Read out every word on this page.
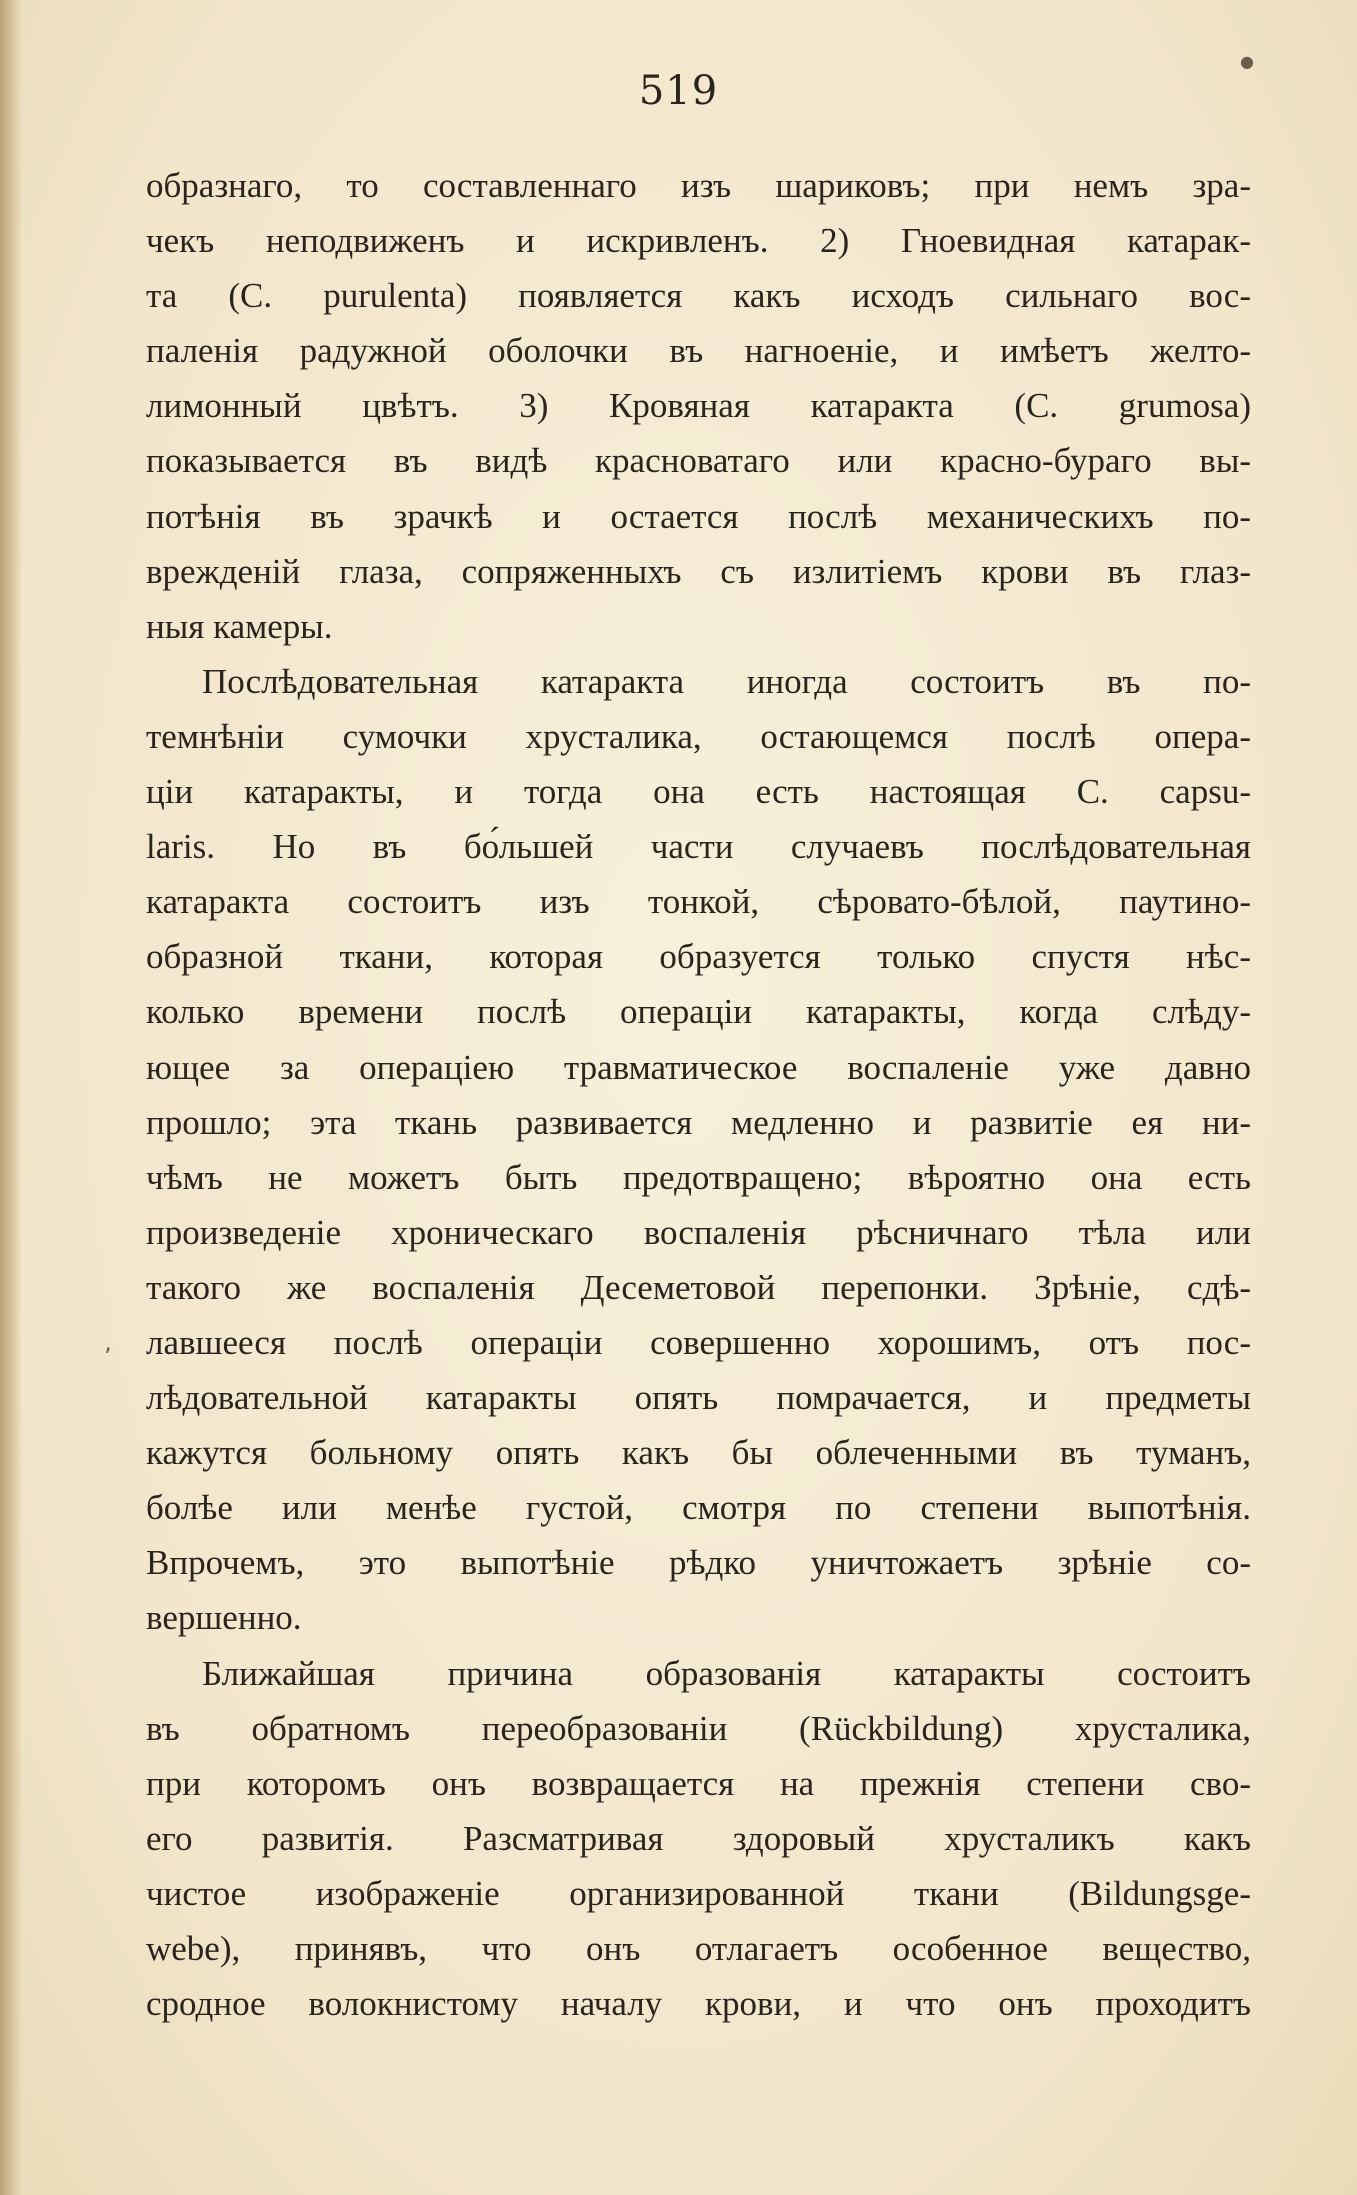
519
образнаго, то составленнаго изъ шариковъ; при немъ зра-
чекъ неподвиженъ и искривленъ. 2) Гноевидная катарак-
та (C. purulenta) появляется какъ исходъ сильнаго вос-
паленія радужной оболочки въ нагноеніе, и имѣетъ желто-
лимонный цвѣтъ. 3) Кровяная катаракта (C. grumosa)
показывается въ видѣ красноватаго или красно-бураго вы-
потѣнія въ зрачкѣ и остается послѣ механическихъ по-
врежденій глаза, сопряженныхъ съ излитіемъ крови въ глаз-
ныя камеры.
Послѣдовательная катаракта иногда состоитъ въ по-
темнѣніи сумочки хрусталика, остающемся послѣ опера-
ціи катаракты, и тогда она есть настоящая C. capsu-
laris. Но въ бо́льшей части случаевъ послѣдовательная
катаракта состоитъ изъ тонкой, сѣровато-бѣлой, паутино-
образной ткани, которая образуется только спустя нѣс-
колько времени послѣ операціи катаракты, когда слѣду-
ющее за операціею травматическое воспаленіе уже давно
прошло; эта ткань развивается медленно и развитіе ея ни-
чѣмъ не можетъ быть предотвращено; вѣроятно она есть
произведеніе хроническаго воспаленія рѣсничнаго тѣла или
такого же воспаленія Десеметовой перепонки. Зрѣніе, сдѣ-
лавшееся послѣ операціи совершенно хорошимъ, отъ пос-
лѣдовательной катаракты опять помрачается, и предметы
кажутся больному опять какъ бы облеченными въ туманъ,
болѣе или менѣе густой, смотря по степени выпотѣнія.
Впрочемъ, это выпотѣніе рѣдко уничтожаетъ зрѣніе со-
вершенно.
Ближайшая причина образованія катаракты состоитъ
въ обратномъ переобразованіи (Rückbildung) хрусталика,
при которомъ онъ возвращается на прежнія степени сво-
его развитія. Разсматривая здоровый хрусталикъ какъ
чистое изображеніе организированной ткани (Bildungsge-
webe), принявъ, что онъ отлагаетъ особенное вещество,
сродное волокнистому началу крови, и что онъ проходитъ
●
ʼ
